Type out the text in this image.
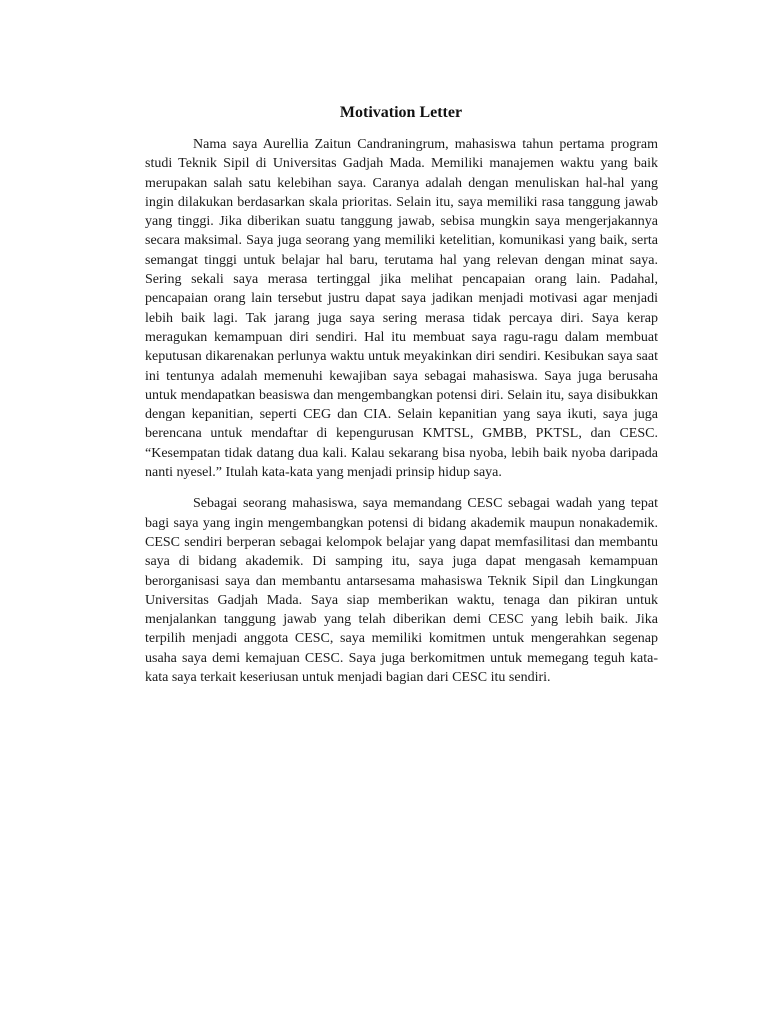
Motivation Letter

Nama saya Aurellia Zaitun Candraningrum, mahasiswa tahun pertama program studi Teknik Sipil di Universitas Gadjah Mada. Memiliki manajemen waktu yang baik merupakan salah satu kelebihan saya. Caranya adalah dengan menuliskan hal-hal yang ingin dilakukan berdasarkan skala prioritas. Selain itu, saya memiliki rasa tanggung jawab yang tinggi. Jika diberikan suatu tanggung jawab, sebisa mungkin saya mengerjakannya secara maksimal. Saya juga seorang yang memiliki ketelitian, komunikasi yang baik, serta semangat tinggi untuk belajar hal baru, terutama hal yang relevan dengan minat saya. Sering sekali saya merasa tertinggal jika melihat pencapaian orang lain. Padahal, pencapaian orang lain tersebut justru dapat saya jadikan menjadi motivasi agar menjadi lebih baik lagi. Tak jarang juga saya sering merasa tidak percaya diri. Saya kerap meragukan kemampuan diri sendiri. Hal itu membuat saya ragu-ragu dalam membuat keputusan dikarenakan perlunya waktu untuk meyakinkan diri sendiri. Kesibukan saya saat ini tentunya adalah memenuhi kewajiban saya sebagai mahasiswa. Saya juga berusaha untuk mendapatkan beasiswa dan mengembangkan potensi diri. Selain itu, saya disibukkan dengan kepanitian, seperti CEG dan CIA. Selain kepanitian yang saya ikuti, saya juga berencana untuk mendaftar di kepengurusan KMTSL, GMBB, PKTSL, dan CESC. “Kesempatan tidak datang dua kali. Kalau sekarang bisa nyoba, lebih baik nyoba daripada nanti nyesel.” Itulah kata-kata yang menjadi prinsip hidup saya.

Sebagai seorang mahasiswa, saya memandang CESC sebagai wadah yang tepat bagi saya yang ingin mengembangkan potensi di bidang akademik maupun nonakademik. CESC sendiri berperan sebagai kelompok belajar yang dapat memfasilitasi dan membantu saya di bidang akademik. Di samping itu, saya juga dapat mengasah kemampuan berorganisasi saya dan membantu antarsesama mahasiswa Teknik Sipil dan Lingkungan Universitas Gadjah Mada. Saya siap memberikan waktu, tenaga dan pikiran untuk menjalankan tanggung jawab yang telah diberikan demi CESC yang lebih baik. Jika terpilih menjadi anggota CESC, saya memiliki komitmen untuk mengerahkan segenap usaha saya demi kemajuan CESC. Saya juga berkomitmen untuk memegang teguh kata-kata saya terkait keseriusan untuk menjadi bagian dari CESC itu sendiri.
